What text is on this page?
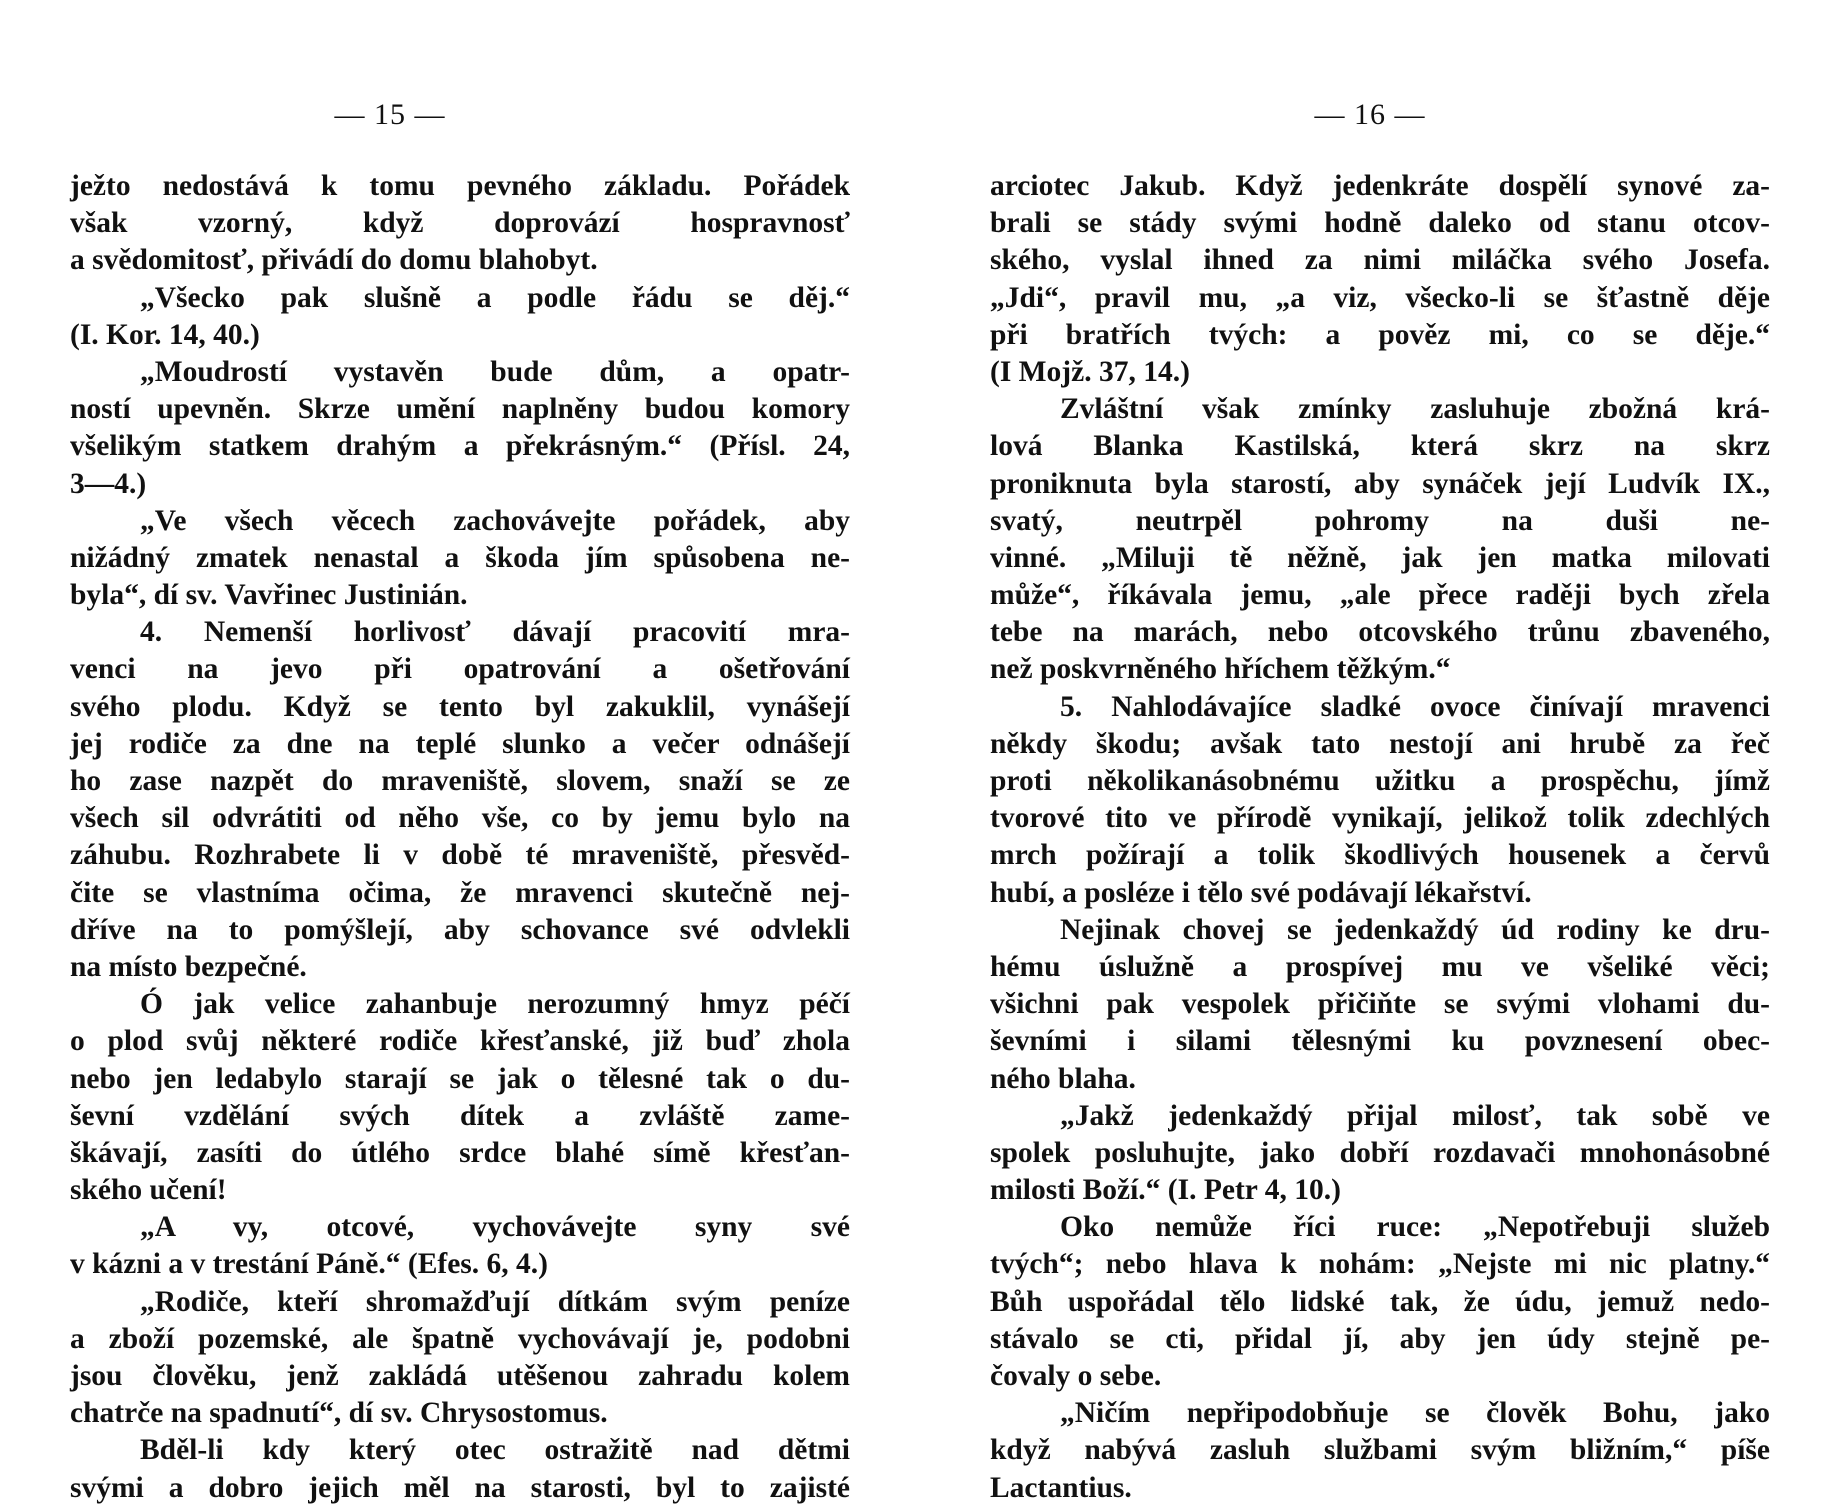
— 15 —
ježto nedostává k tomu pevného základu. Pořádek
však vzorný, když doprovází hospravnosť
a svědomitosť, přivádí do domu blahobyt.
„Všecko pak slušně a podle řádu se děj.“
(I. Kor. 14, 40.)
„Moudrostí vystavěn bude dům, a opatr-
ností upevněn. Skrze umění naplněny budou komory
všelikým statkem drahým a překrásným.“ (Přísl. 24,
3—4.)
„Ve všech věcech zachovávejte pořádek, aby
nižádný zmatek nenastal a škoda jím spůsobena ne-
byla“, dí sv. Vavřinec Justinián.
4. Nemenší horlivosť dávají pracovití mra-
venci na jevo při opatrování a ošetřování
svého plodu. Když se tento byl zakuklil, vynášejí
jej rodiče za dne na teplé slunko a večer odnášejí
ho zase nazpět do mraveniště, slovem, snaží se ze
všech sil odvrátiti od něho vše, co by jemu bylo na
záhubu. Rozhrabete li v době té mraveniště, přesvěd-
čite se vlastníma očima, že mravenci skutečně nej-
dříve na to pomýšlejí, aby schovance své odvlekli
na místo bezpečné.
Ó jak velice zahanbuje nerozumný hmyz péčí
o plod svůj některé rodiče křesťanské, již buď zhola
nebo jen ledabylo starají se jak o tělesné tak o du-
ševní vzdělání svých dítek a zvláště zame-
škávají, zasíti do útlého srdce blahé símě křesťan-
ského učení!
„A vy, otcové, vychovávejte syny své
v kázni a v trestání Páně.“ (Efes. 6, 4.)
„Rodiče, kteří shromažďují dítkám svým peníze
a zboží pozemské, ale špatně vychovávají je, podobni
jsou člověku, jenž zakládá utěšenou zahradu kolem
chatrče na spadnutí“, dí sv. Chrysostomus.
Bděl-li kdy který otec ostražitě nad dětmi
svými a dobro jejich měl na starosti, byl to zajisté
— 16 —
arciotec Jakub. Když jedenkráte dospělí synové za-
brali se stády svými hodně daleko od stanu otcov-
ského, vyslal ihned za nimi miláčka svého Josefa.
„Jdi“, pravil mu, „a viz, všecko-li se šťastně děje
při bratřích tvých: a pověz mi, co se děje.“
(I Mojž. 37, 14.)
Zvláštní však zmínky zasluhuje zbožná krá-
lová Blanka Kastilská, která skrz na skrz
proniknuta byla starostí, aby synáček její Ludvík IX.,
svatý, neutrpěl pohromy na duši ne-
vinné. „Miluji tě něžně, jak jen matka milovati
může“, říkávala jemu, „ale přece raději bych zřela
tebe na marách, nebo otcovského trůnu zbaveného,
než poskvrněného hříchem těžkým.“
5. Nahlodávajíce sladké ovoce činívají mravenci
někdy škodu; avšak tato nestojí ani hrubě za řeč
proti několikanásobnému užitku a prospěchu, jímž
tvorové tito ve přírodě vynikají, jelikož tolik zdechlých
mrch požírají a tolik škodlivých housenek a červů
hubí, a posléze i tělo své podávají lékařství.
Nejinak chovej se jedenkaždý úd rodiny ke dru-
hému úslužně a prospívej mu ve všeliké věci;
všichni pak vespolek přičiňte se svými vlohami du-
ševními i silami tělesnými ku povznesení obec-
ného blaha.
„Jakž jedenkaždý přijal milosť, tak sobě ve
spolek posluhujte, jako dobří rozdavači mnohonásobné
milosti Boží.“ (I. Petr 4, 10.)
Oko nemůže říci ruce: „Nepotřebuji služeb
tvých“; nebo hlava k nohám: „Nejste mi nic platny.“
Bůh uspořádal tělo lidské tak, že údu, jemuž nedo-
stávalo se cti, přidal jí, aby jen údy stejně pe-
čovaly o sebe.
„Ničím nepřipodobňuje se člověk Bohu, jako
když nabývá zasluh službami svým bližním,“ píše
Lactantius.
